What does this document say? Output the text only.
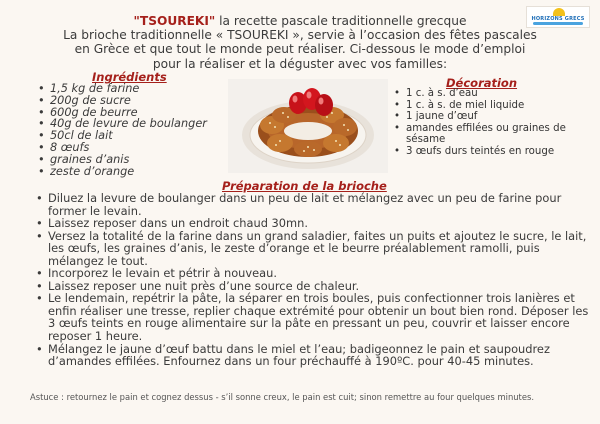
HORIZONS GRECS
"TSOUREKI" la recette pascale traditionnelle grecque
La brioche traditionnelle « TSOUREKI », servie à l’occasion des fêtes pascales
en Grèce et que tout le monde peut réaliser. Ci-dessous le mode d’emploi
pour la réaliser et la déguster avec vos familles:
Ingrédients
• 1,5 kg de farine
• 200g de sucre
• 600g de beurre
• 40g de levure de boulanger
• 50cl de lait
• 8 œufs
• graines d’anis
• zeste d’orange
Décoration
• 1 c. à s. d’eau
• 1 c. à s. de miel liquide
• 1 jaune d’œuf
• amandes effilées ou graines de sésame
• 3 œufs durs teintés en rouge
Préparation de la brioche
• Diluez la levure de boulanger dans un peu de lait et mélangez avec un peu de farine pour former le levain.
• Laissez reposer dans un endroit chaud 30mn.
• Versez la totalité de la farine dans un grand saladier, faites un puits et ajoutez le sucre, le lait, les œufs, les graines d’anis, le zeste d’orange et le beurre préalablement ramolli, puis mélangez le tout.
• Incorporez le levain et pétrir à nouveau.
• Laissez reposer une nuit près d’une source de chaleur.
• Le lendemain, repétrir la pâte, la séparer en trois boules, puis confectionner trois lanières et enfin réaliser une tresse, replier chaque extrémité pour obtenir un bout bien rond. Déposer les 3 œufs teints en rouge alimentaire sur la pâte en pressant un peu, couvrir et laisser encore reposer 1 heure.
• Mélangez le jaune d’œuf battu dans le miel et l’eau; badigeonnez le pain et saupoudrez d’amandes effilées. Enfournez dans un four préchauffé à 190ºC. pour 40-45 minutes.
Astuce : retournez le pain et cognez dessus - s’il sonne creux, le pain est cuit; sinon remettre au four quelques minutes.
